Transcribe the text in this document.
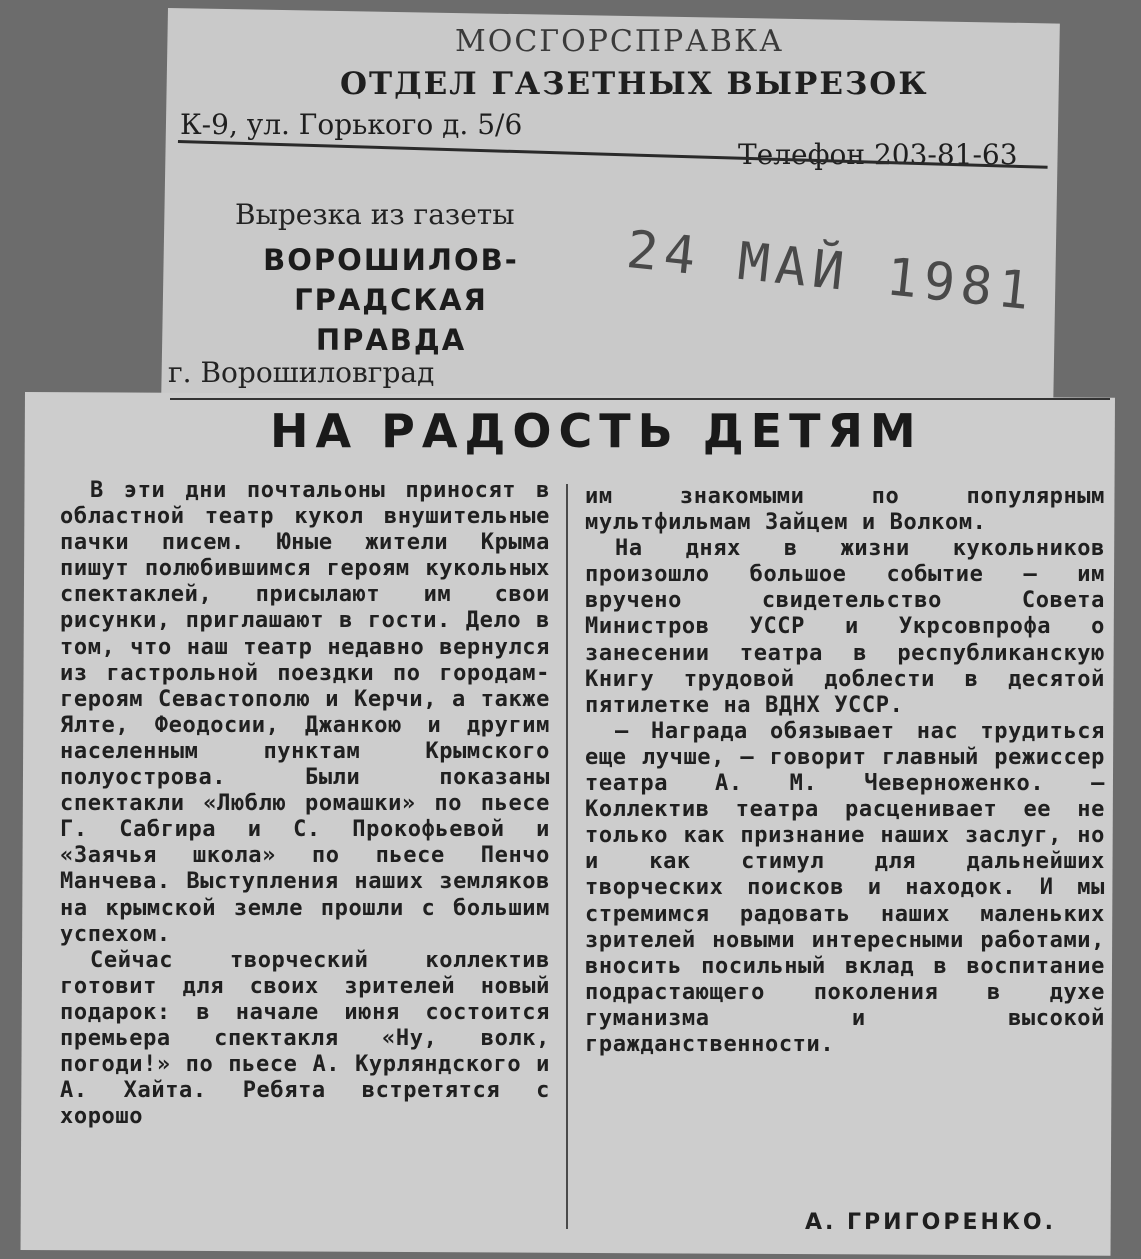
МОСГОРСПРАВКА
ОТДЕЛ ГАЗЕТНЫХ ВЫРЕЗОК
К-9, ул. Горького д. 5/6
Телефон 203-81-63
Вырезка из газеты
ВОРОШИЛОВ-
ГРАДСКАЯ
ПРАВДА
г. Ворошиловград
24 МАЙ 1981
НА РАДОСТЬ ДЕТЯМ

В эти дни почтальоны приносят в областной театр кукол внушительные пачки писем. Юные жители Крыма пишут полюбившимся героям кукольных спектаклей, присылают им свои рисунки, приглашают в гости. Дело в том, что наш театр недавно вернулся из гастрольной поездки по городам-героям Севастополю и Керчи, а также Ялте, Феодосии, Джанкою и другим населенным пунктам Крымского полуострова. Были показаны спектакли «Люблю ромашки» по пьесе Г. Сабгира и С. Прокофьевой и «Заячья школа» по пьесе Пенчо Манчева. Выступления наших земляков на крымской земле прошли с большим успехом.

Сейчас творческий коллектив готовит для своих зрителей новый подарок: в начале июня состоится премьера спектакля «Ну, волк, погоди!» по пьесе А. Курляндского и А. Хайта. Ребята встретятся с хорошо

им знакомыми по популярным мультфильмам Зайцем и Волком.

На днях в жизни кукольников произошло большое событие — им вручено свидетельство Совета Министров УССР и Укрсовпрофа о занесении театра в республиканскую Книгу трудовой доблести в десятой пятилетке на ВДНХ УССР.

— Награда обязывает нас трудиться еще лучше, — говорит главный режиссер театра А. М. Чеверноженко. — Коллектив театра расценивает ее не только как признание наших заслуг, но и как стимул для дальнейших творческих поисков и находок. И мы стремимся радовать наших маленьких зрителей новыми интересными работами, вносить посильный вклад в воспитание подрастающего поколения в духе гуманизма и высокой гражданственности.

А. ГРИГОРЕНКО.
